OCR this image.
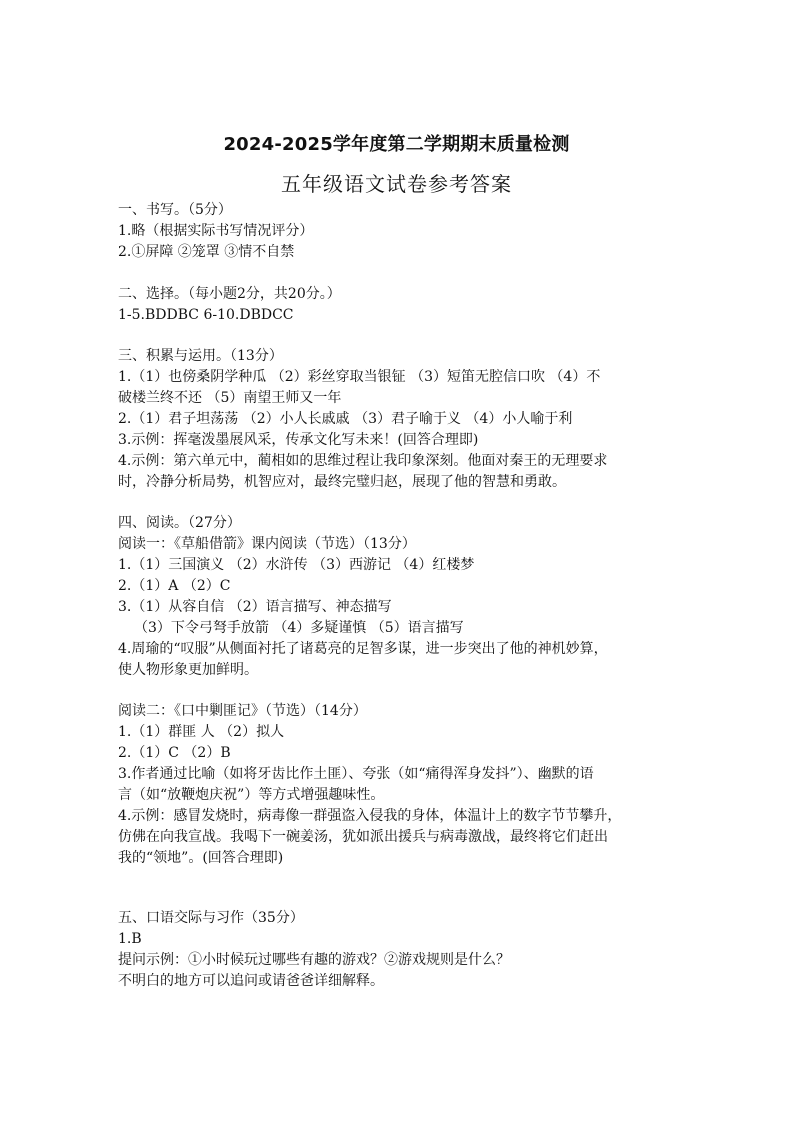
2024-2025学年度第二学期期末质量检测
五年级语文试卷参考答案
一、书写。（5分）
1.略（根据实际书写情况评分）
2.①屏障 ②笼罩 ③情不自禁
二、选择。（每小题2分，共20分。）
1-5.BDDBC 6-10.DBDCC
三、积累与运用。（13分）
1.（1）也傍桑阴学种瓜 （2）彩丝穿取当银钲 （3）短笛无腔信口吹 （4）不
破楼兰终不还 （5）南望王师又一年
2.（1）君子坦荡荡 （2）小人长戚戚 （3）君子喻于义 （4）小人喻于利
3.示例：挥毫泼墨展风采，传承文化写未来！(回答合理即)
4.示例：第六单元中，蔺相如的思维过程让我印象深刻。他面对秦王的无理要求
时，冷静分析局势，机智应对，最终完璧归赵，展现了他的智慧和勇敢。
四、阅读。（27分）
阅读一：《草船借箭》课内阅读（节选）（13分）
1.（1）三国演义 （2）水浒传 （3）西游记 （4）红楼梦
2.（1）A （2）C
3.（1）从容自信 （2）语言描写、神态描写
（3）下令弓弩手放箭 （4）多疑谨慎 （5）语言描写
4.周瑜的“叹服”从侧面衬托了诸葛亮的足智多谋，进一步突出了他的神机妙算，
使人物形象更加鲜明。
阅读二：《口中剿匪记》（节选）（14分）
1.（1）群匪 人 （2）拟人
2.（1）C （2）B
3.作者通过比喻（如将牙齿比作土匪）、夸张（如“痛得浑身发抖”）、幽默的语
言（如“放鞭炮庆祝”）等方式增强趣味性。
4.示例：感冒发烧时，病毒像一群强盗入侵我的身体，体温计上的数字节节攀升，
仿佛在向我宣战。我喝下一碗姜汤，犹如派出援兵与病毒激战，最终将它们赶出
我的“领地”。(回答合理即)
五、口语交际与习作（35分）
1.B
提问示例：①小时候玩过哪些有趣的游戏？②游戏规则是什么？
不明白的地方可以追问或请爸爸详细解释。
